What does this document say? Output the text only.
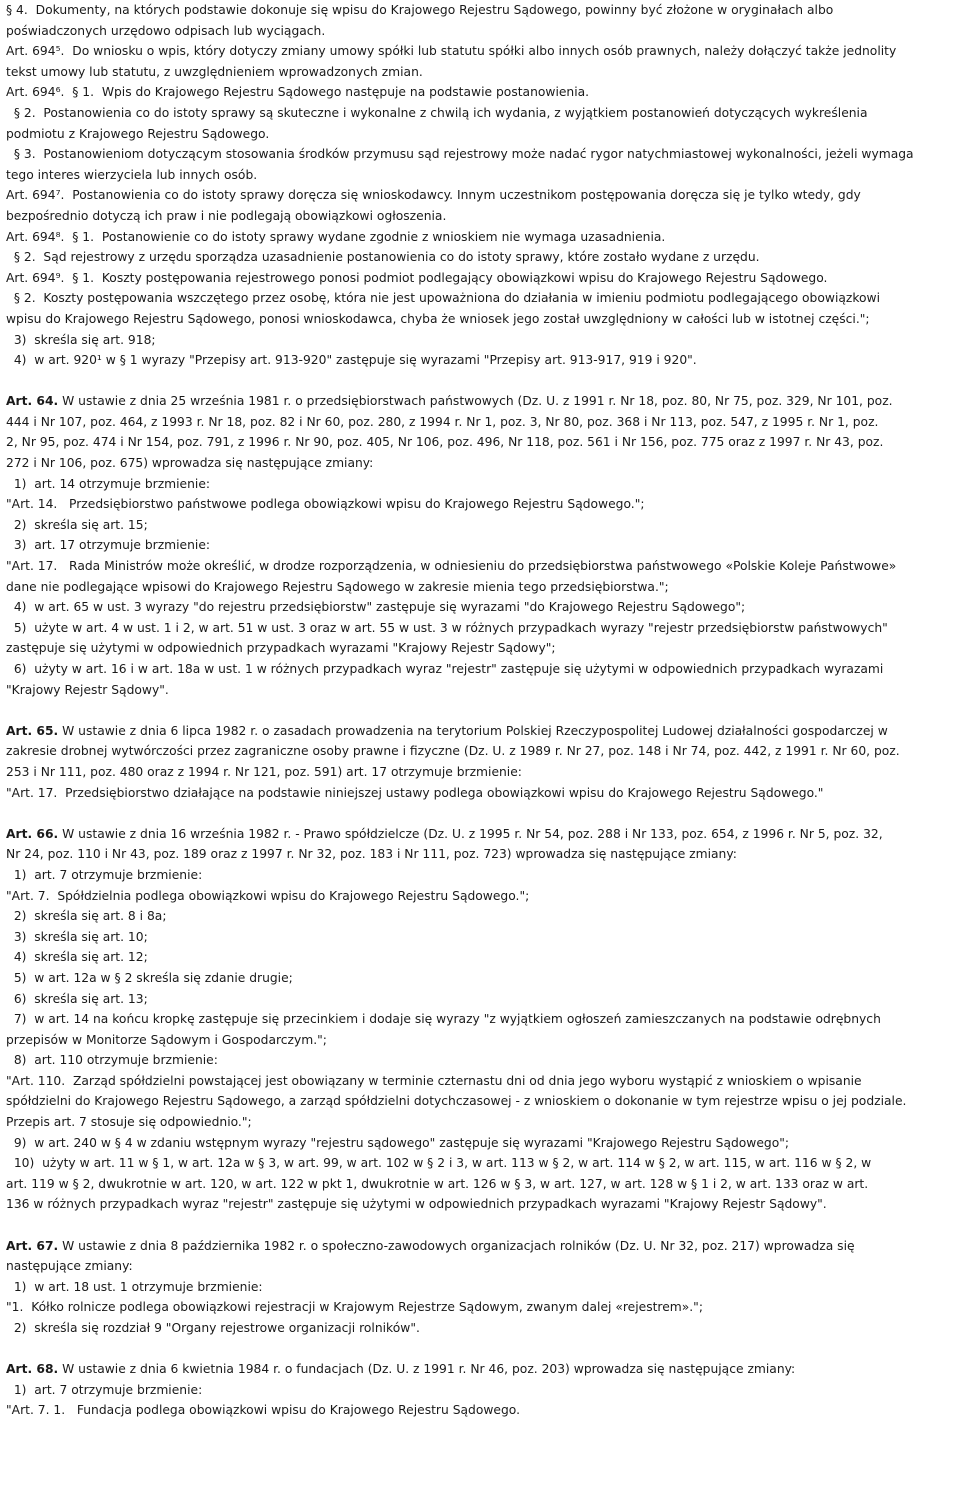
§ 4.  Dokumenty, na których podstawie dokonuje się wpisu do Krajowego Rejestru Sądowego, powinny być złożone w oryginałach albo
poświadczonych urzędowo odpisach lub wyciągach.
Art. 694⁵.  Do wniosku o wpis, który dotyczy zmiany umowy spółki lub statutu spółki albo innych osób prawnych, należy dołączyć także jednolity
tekst umowy lub statutu, z uwzględnieniem wprowadzonych zmian.
Art. 694⁶.  § 1.  Wpis do Krajowego Rejestru Sądowego następuje na podstawie postanowienia.
§ 2.  Postanowienia co do istoty sprawy są skuteczne i wykonalne z chwilą ich wydania, z wyjątkiem postanowień dotyczących wykreślenia
podmiotu z Krajowego Rejestru Sądowego.
§ 3.  Postanowieniom dotyczącym stosowania środków przymusu sąd rejestrowy może nadać rygor natychmiastowej wykonalności, jeżeli wymaga
tego interes wierzyciela lub innych osób.
Art. 694⁷.  Postanowienia co do istoty sprawy doręcza się wnioskodawcy. Innym uczestnikom postępowania doręcza się je tylko wtedy, gdy
bezpośrednio dotyczą ich praw i nie podlegają obowiązkowi ogłoszenia.
Art. 694⁸.  § 1.  Postanowienie co do istoty sprawy wydane zgodnie z wnioskiem nie wymaga uzasadnienia.
§ 2.  Sąd rejestrowy z urzędu sporządza uzasadnienie postanowienia co do istoty sprawy, które zostało wydane z urzędu.
Art. 694⁹.  § 1.  Koszty postępowania rejestrowego ponosi podmiot podlegający obowiązkowi wpisu do Krajowego Rejestru Sądowego.
§ 2.  Koszty postępowania wszczętego przez osobę, która nie jest upoważniona do działania w imieniu podmiotu podlegającego obowiązkowi
wpisu do Krajowego Rejestru Sądowego, ponosi wnioskodawca, chyba że wniosek jego został uwzględniony w całości lub w istotnej części.";
3)  skreśla się art. 918;
4)  w art. 920¹ w § 1 wyrazy "Przepisy art. 913-920" zastępuje się wyrazami "Przepisy art. 913-917, 919 i 920".
Art. 64. W ustawie z dnia 25 września 1981 r. o przedsiębiorstwach państwowych (Dz. U. z 1991 r. Nr 18, poz. 80, Nr 75, poz. 329, Nr 101, poz.
444 i Nr 107, poz. 464, z 1993 r. Nr 18, poz. 82 i Nr 60, poz. 280, z 1994 r. Nr 1, poz. 3, Nr 80, poz. 368 i Nr 113, poz. 547, z 1995 r. Nr 1, poz.
2, Nr 95, poz. 474 i Nr 154, poz. 791, z 1996 r. Nr 90, poz. 405, Nr 106, poz. 496, Nr 118, poz. 561 i Nr 156, poz. 775 oraz z 1997 r. Nr 43, poz.
272 i Nr 106, poz. 675) wprowadza się następujące zmiany:
1)  art. 14 otrzymuje brzmienie:
"Art. 14.   Przedsiębiorstwo państwowe podlega obowiązkowi wpisu do Krajowego Rejestru Sądowego.";
2)  skreśla się art. 15;
3)  art. 17 otrzymuje brzmienie:
"Art. 17.   Rada Ministrów może określić, w drodze rozporządzenia, w odniesieniu do przedsiębiorstwa państwowego «Polskie Koleje Państwowe»
dane nie podlegające wpisowi do Krajowego Rejestru Sądowego w zakresie mienia tego przedsiębiorstwa.";
4)  w art. 65 w ust. 3 wyrazy "do rejestru przedsiębiorstw" zastępuje się wyrazami "do Krajowego Rejestru Sądowego";
5)  użyte w art. 4 w ust. 1 i 2, w art. 51 w ust. 3 oraz w art. 55 w ust. 3 w różnych przypadkach wyrazy "rejestr przedsiębiorstw państwowych"
zastępuje się użytymi w odpowiednich przypadkach wyrazami "Krajowy Rejestr Sądowy";
6)  użyty w art. 16 i w art. 18a w ust. 1 w różnych przypadkach wyraz "rejestr" zastępuje się użytymi w odpowiednich przypadkach wyrazami
"Krajowy Rejestr Sądowy".
Art. 65. W ustawie z dnia 6 lipca 1982 r. o zasadach prowadzenia na terytorium Polskiej Rzeczypospolitej Ludowej działalności gospodarczej w
zakresie drobnej wytwórczości przez zagraniczne osoby prawne i fizyczne (Dz. U. z 1989 r. Nr 27, poz. 148 i Nr 74, poz. 442, z 1991 r. Nr 60, poz.
253 i Nr 111, poz. 480 oraz z 1994 r. Nr 121, poz. 591) art. 17 otrzymuje brzmienie:
"Art. 17.  Przedsiębiorstwo działające na podstawie niniejszej ustawy podlega obowiązkowi wpisu do Krajowego Rejestru Sądowego."
Art. 66. W ustawie z dnia 16 września 1982 r. - Prawo spółdzielcze (Dz. U. z 1995 r. Nr 54, poz. 288 i Nr 133, poz. 654, z 1996 r. Nr 5, poz. 32,
Nr 24, poz. 110 i Nr 43, poz. 189 oraz z 1997 r. Nr 32, poz. 183 i Nr 111, poz. 723) wprowadza się następujące zmiany:
1)  art. 7 otrzymuje brzmienie:
"Art. 7.  Spółdzielnia podlega obowiązkowi wpisu do Krajowego Rejestru Sądowego.";
2)  skreśla się art. 8 i 8a;
3)  skreśla się art. 10;
4)  skreśla się art. 12;
5)  w art. 12a w § 2 skreśla się zdanie drugie;
6)  skreśla się art. 13;
7)  w art. 14 na końcu kropkę zastępuje się przecinkiem i dodaje się wyrazy "z wyjątkiem ogłoszeń zamieszczanych na podstawie odrębnych
przepisów w Monitorze Sądowym i Gospodarczym.";
8)  art. 110 otrzymuje brzmienie:
"Art. 110.  Zarząd spółdzielni powstającej jest obowiązany w terminie czternastu dni od dnia jego wyboru wystąpić z wnioskiem o wpisanie
spółdzielni do Krajowego Rejestru Sądowego, a zarząd spółdzielni dotychczasowej - z wnioskiem o dokonanie w tym rejestrze wpisu o jej podziale.
Przepis art. 7 stosuje się odpowiednio.";
9)  w art. 240 w § 4 w zdaniu wstępnym wyrazy "rejestru sądowego" zastępuje się wyrazami "Krajowego Rejestru Sądowego";
10)  użyty w art. 11 w § 1, w art. 12a w § 3, w art. 99, w art. 102 w § 2 i 3, w art. 113 w § 2, w art. 114 w § 2, w art. 115, w art. 116 w § 2, w
art. 119 w § 2, dwukrotnie w art. 120, w art. 122 w pkt 1, dwukrotnie w art. 126 w § 3, w art. 127, w art. 128 w § 1 i 2, w art. 133 oraz w art.
136 w różnych przypadkach wyraz "rejestr" zastępuje się użytymi w odpowiednich przypadkach wyrazami "Krajowy Rejestr Sądowy".
Art. 67. W ustawie z dnia 8 października 1982 r. o społeczno-zawodowych organizacjach rolników (Dz. U. Nr 32, poz. 217) wprowadza się
następujące zmiany:
1)  w art. 18 ust. 1 otrzymuje brzmienie:
"1.  Kółko rolnicze podlega obowiązkowi rejestracji w Krajowym Rejestrze Sądowym, zwanym dalej «rejestrem».";
2)  skreśla się rozdział 9 "Organy rejestrowe organizacji rolników".
Art. 68. W ustawie z dnia 6 kwietnia 1984 r. o fundacjach (Dz. U. z 1991 r. Nr 46, poz. 203) wprowadza się następujące zmiany:
1)  art. 7 otrzymuje brzmienie:
"Art. 7. 1.   Fundacja podlega obowiązkowi wpisu do Krajowego Rejestru Sądowego.
